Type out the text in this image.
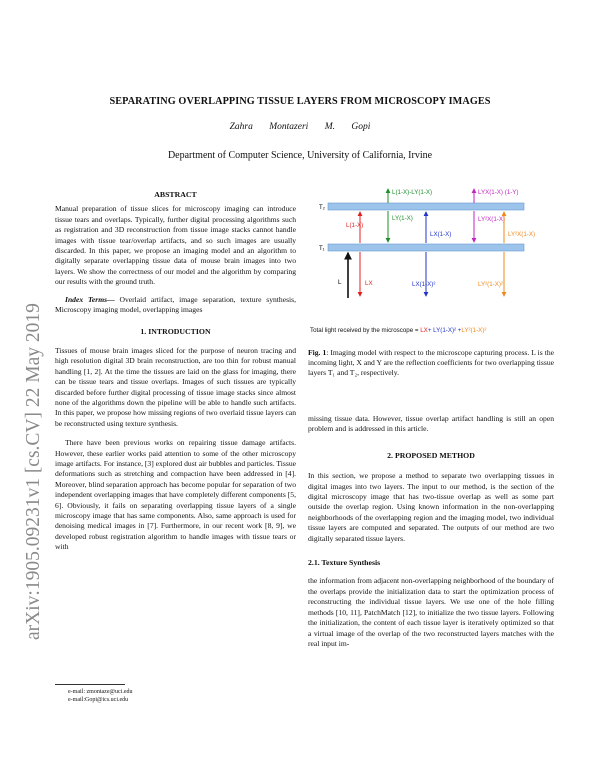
arXiv:1905.09231v1 [cs.CV] 22 May 2019
SEPARATING OVERLAPPING TISSUE LAYERS FROM MICROSCOPY IMAGES
Zahra Montazeri M. Gopi
Department of Computer Science, University of California, Irvine

ABSTRACT

Manual preparation of tissue slices for microscopy imaging can introduce tissue tears and overlaps. Typically, further digital processing algorithms such as registration and 3D reconstruction from tissue image stacks cannot handle images with tissue tear/overlap artifacts, and so such images are usually discarded. In this paper, we propose an imaging model and an algorithm to digitally separate overlapping tissue data of mouse brain images into two layers. We show the correctness of our model and the algorithm by comparing our results with the ground truth.

Index Terms— Overlaid artifact, image separation, texture synthesis, Microscopy imaging model, overlapping images

1. INTRODUCTION

Tissues of mouse brain images sliced for the purpose of neuron tracing and high resolution digital 3D brain reconstruction, are too thin for robust manual handling [1, 2]. At the time the tissues are laid on the glass for imaging, there can be tissue tears and tissue overlaps. Images of such tissues are typically discarded before further digital processing of tissue image stacks since almost none of the algorithms down the pipeline will be able to handle such artifacts. In this paper, we propose how missing regions of two overlaid tissue layers can be reconstructed using texture synthesis.

There have been previous works on repairing tissue damage artifacts. However, these earlier works paid attention to some of the other microscopy image artifacts. For instance, [3] explored dust air bubbles and particles. Tissue deformations such as stretching and compaction have been addressed in [4]. Moreover, blind separation approach has become popular for separation of two independent overlapping images that have completely different components [5, 6]. Obviously, it fails on separating overlapping tissue layers of a single microscopy image that has same components. Also, same approach is used for denoising medical images in [7]. Furthermore, in our recent work [8, 9], we developed robust registration algorithm to handle images with tissue tears or with

e-mail: zmontaze@uci.edu
e-mail:Gopi@ics.uci.edu
T₂
T₁
L
L(1-X)
LX
L(1-X)-LY(1-X)
LY(1-X)
LX(1-X)
LX(1-X)²
LYX(1-X) (1-Y)
LY²X(1-X)
LY²X(1-X)
LY²(1-X)²
Total light received by the microscope = LX+ LY(1-X)² +LY²(1-X)²
Fig. 1: Imaging model with respect to the microscope capturing process. L is the incoming light, X and Y are the reflection coefficients for two overlapping tissue layers T₁ and T₂, respectively.

missing tissue data. However, tissue overlap artifact handling is still an open problem and is addressed in this article.

2. PROPOSED METHOD

In this section, we propose a method to separate two overlapping tissues in digital images into two layers. The input to our method, is the section of the digital microscopy image that has two-tissue overlap as well as some part outside the overlap region. Using known information in the non-overlapping neighborhoods of the overlapping region and the imaging model, two individual tissue layers are computed and separated. The outputs of our method are two digitally separated tissue layers.

2.1. Texture Synthesis

the information from adjacent non-overlapping neighborhood of the boundary of the overlaps provide the initialization data to start the optimization process of reconstructing the individual tissue layers. We use one of the hole filling methods [10, 11], PatchMatch [12], to initialize the two tissue layers. Following the initialization, the content of each tissue layer is iteratively optimized so that a virtual image of the overlap of the two reconstructed layers matches with the real input im-
